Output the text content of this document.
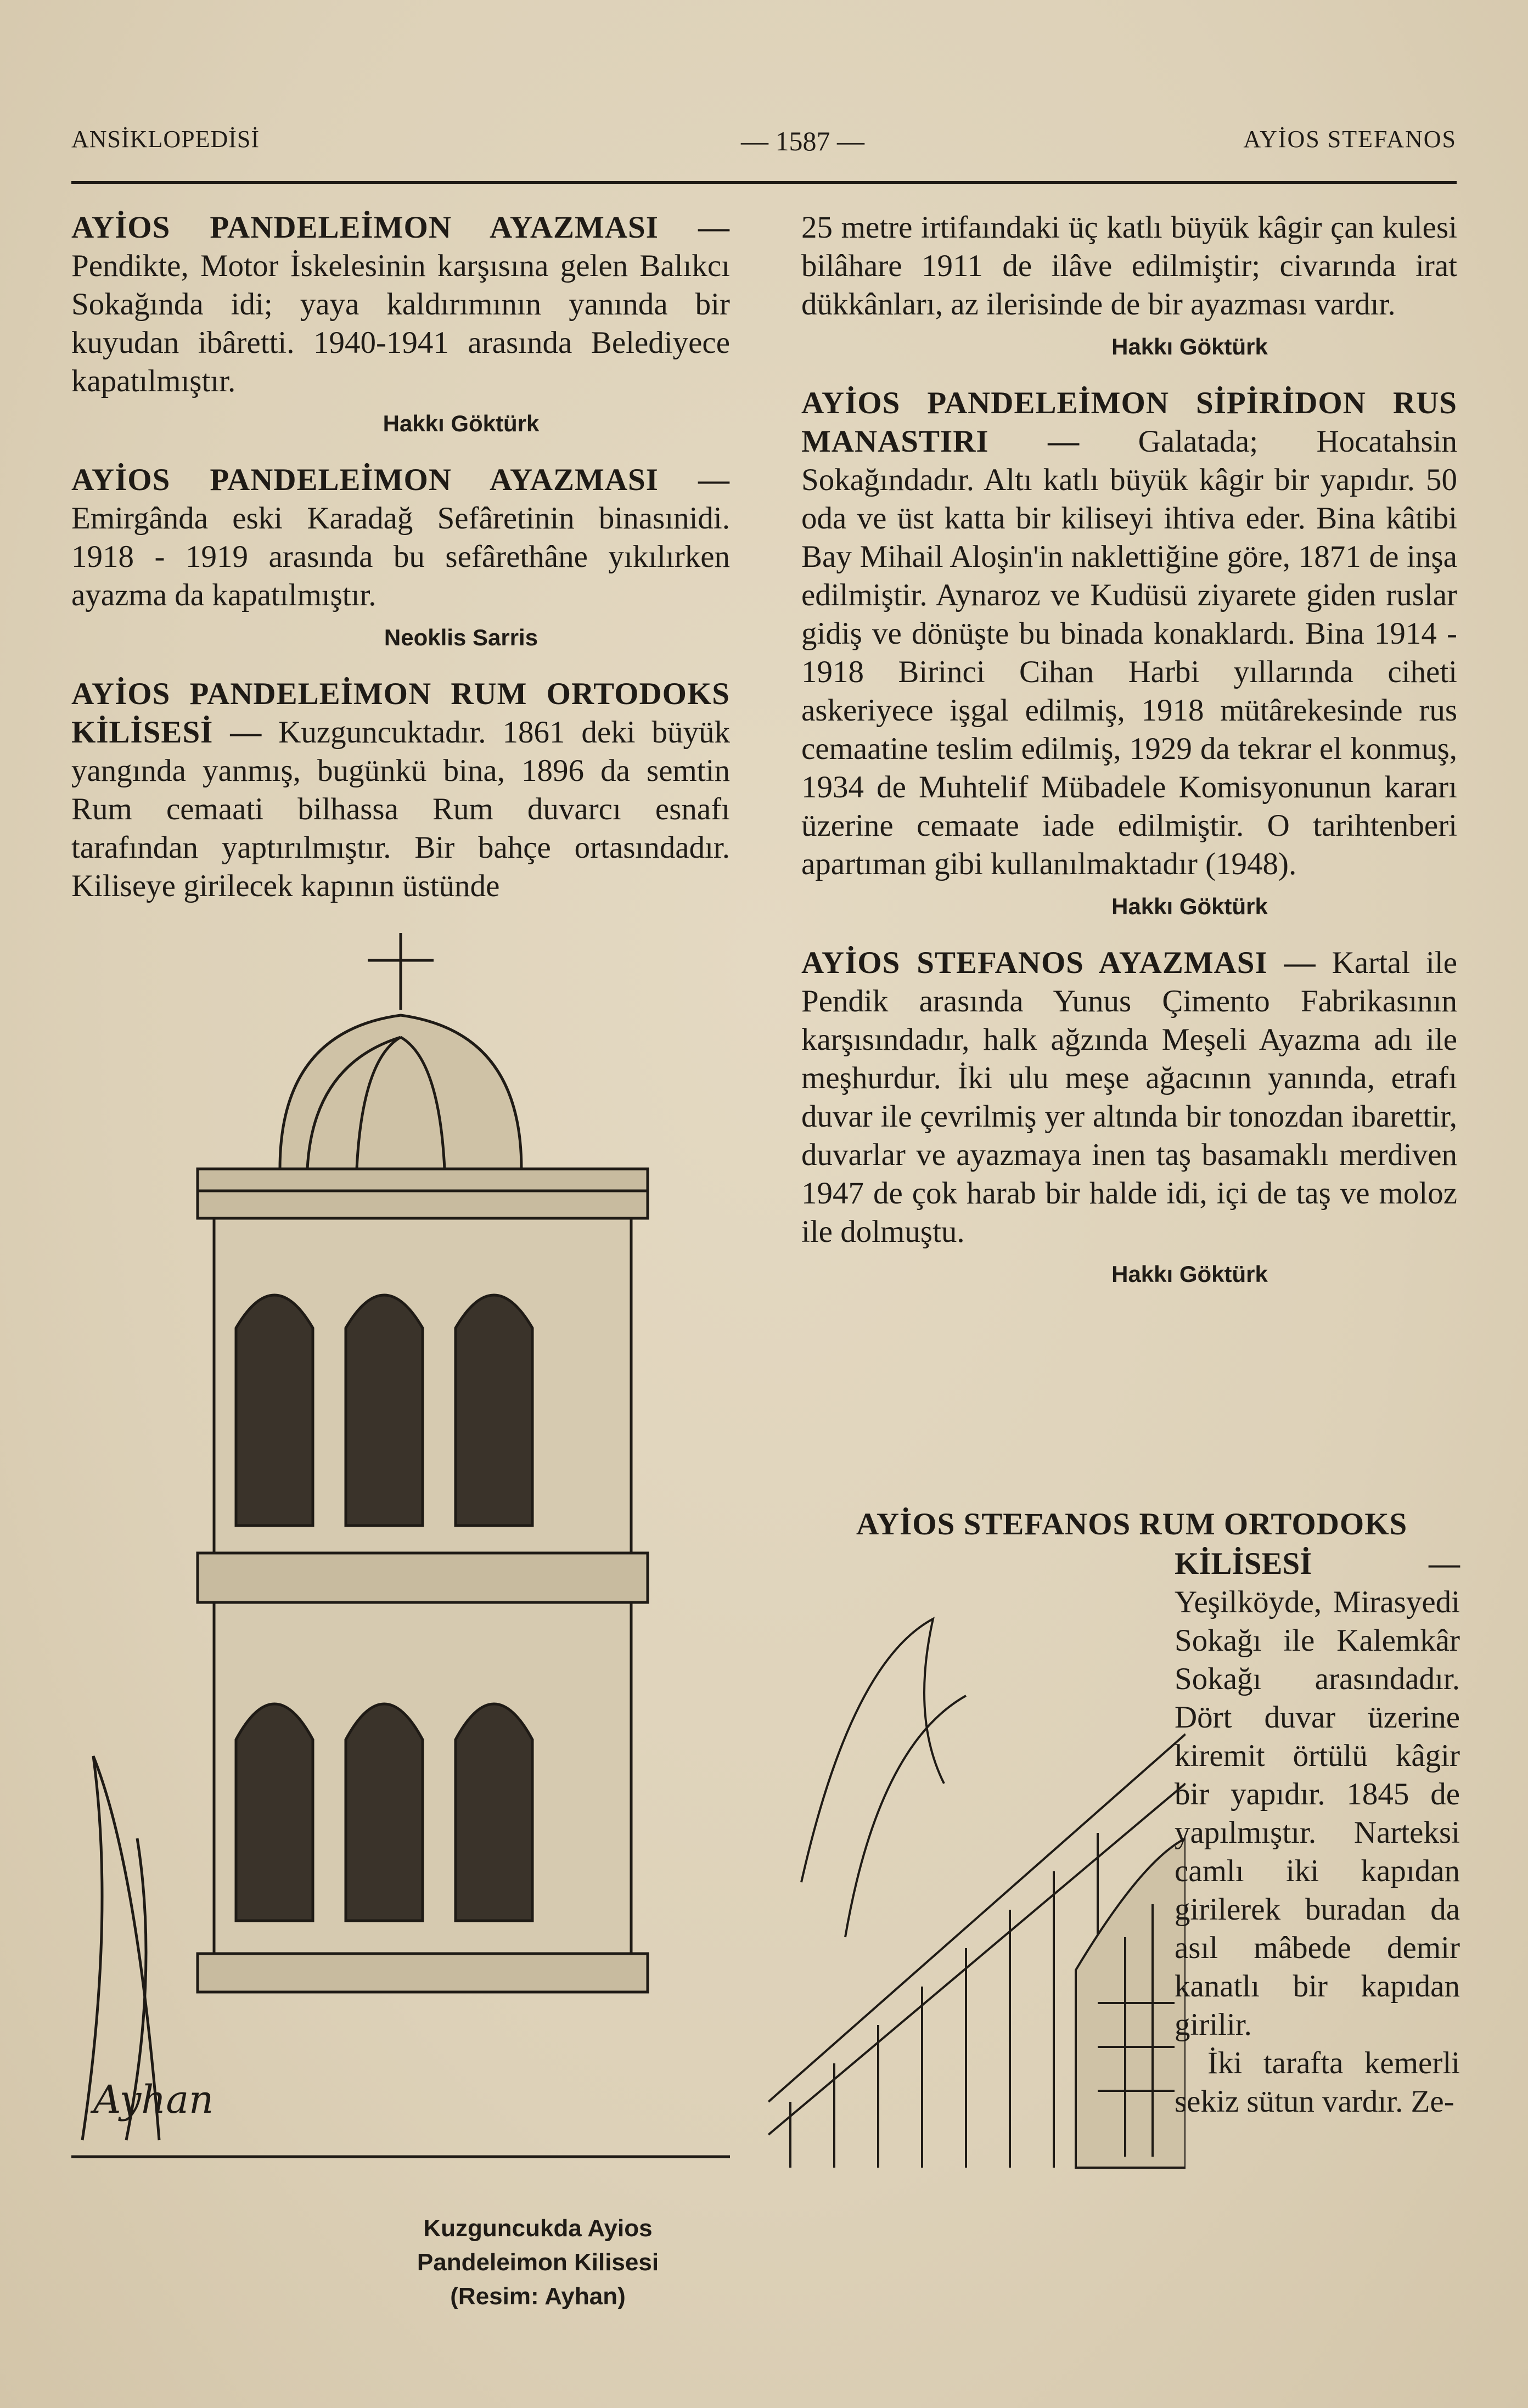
ANSİKLOPEDİSİ	— 1587 —	AYİOS STEFANOS

AYİOS PANDELEİMON AYAZMASI — Pendikte, Motor İskelesinin karşısına gelen Balıkcı Sokağında idi; yaya kaldırımının yanında bir kuyudan ibâretti. 1940-1941 arasında Belediyece kapatılmıştır.

Hakkı Göktürk

AYİOS PANDELEİMON AYAZMASI — Emirgânda eski Karadağ Sefâretinin binasınidi. 1918 - 1919 arasında bu sefârethâne yıkılırken ayazma da kapatılmıştır.

Neoklis Sarris

AYİOS PANDELEİMON RUM ORTODOKS KİLİSESİ — Kuzguncuktadır. 1861 deki büyük yangında yanmış, bugünkü bina, 1896 da semtin Rum cemaati bilhassa Rum duvarcı esnafı tarafından yaptırılmıştır. Bir bahçe ortasındadır. Kiliseye girilecek kapının üstünde

Ayhan
Kuzguncukda Ayios Pandeleimon Kilisesi
(Resim: Ayhan)

25 metre irtifaındaki üç katlı büyük kâgir çan kulesi bilâhare 1911 de ilâve edilmiştir; civarında irat dükkânları, az ilerisinde de bir ayazması vardır.

Hakkı Göktürk

AYİOS PANDELEİMON SİPİRİDON RUS MANASTIRI — Galatada; Hocatahsin Sokağındadır. Altı katlı büyük kâgir bir yapıdır. 50 oda ve üst katta bir kiliseyi ihtiva eder. Bina kâtibi Bay Mihail Aloşin'in naklettiğine göre, 1871 de inşa edilmiştir. Aynaroz ve Kudüsü ziyarete giden ruslar gidiş ve dönüşte bu binada konaklardı. Bina 1914 - 1918 Birinci Cihan Harbi yıllarında ciheti askeriyece işgal edilmiş, 1918 mütârekesinde rus cemaatine teslim edilmiş, 1929 da tekrar el konmuş, 1934 de Muhtelif Mübadele Komisyonunun kararı üzerine cemaate iade edilmiştir. O tarihtenberi apartıman gibi kullanılmaktadır (1948).

Hakkı Göktürk

AYİOS STEFANOS AYAZMASI — Kartal ile Pendik arasında Yunus Çimento Fabrikasının karşısındadır, halk ağzında Meşeli Ayazma adı ile meşhurdur. İki ulu meşe ağacının yanında, etrafı duvar ile çevrilmiş yer altında bir tonozdan ibarettir, duvarlar ve ayazmaya inen taş basamaklı merdiven 1947 de çok harab bir halde idi, içi de taş ve moloz ile dolmuştu.

Hakkı Göktürk
AYİOS STEFANOS RUM ORTODOKS

KİLİSESİ — Yeşilköyde, Mirasyedi Sokağı ile Kalemkâr Sokağı arasındadır. Dört duvar üzerine kiremit örtülü kâgir bir yapıdır. 1845 de yapılmıştır. Narteksi camlı iki kapıdan girilerek buradan da asıl mâbede demir kanatlı bir kapıdan girilir.

İki tarafta kemerli sekiz sütun vardır. Ze-
